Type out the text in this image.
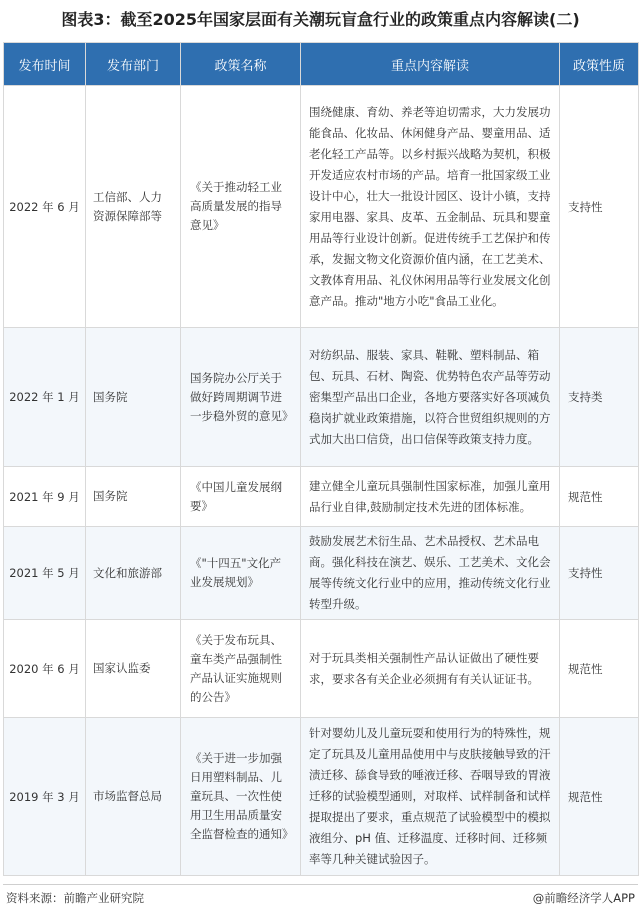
图表3：截至2025年国家层面有关潮玩盲盒行业的政策重点内容解读(二)
发布时间	发布部门	政策名称	重点内容解读	政策性质
2022 年 6 月	工信部、人力资源保障部等	《关于推动轻工业高质量发展的指导意见》	围绕健康、育幼、养老等迫切需求，大力发展功能食品、化妆品、休闲健身产品、婴童用品、适老化轻工产品等。以乡村振兴战略为契机，积极开发适应农村市场的产品。培育一批国家级工业设计中心，壮大一批设计园区、设计小镇，支持家用电器、家具、皮革、五金制品、玩具和婴童用品等行业设计创新。促进传统手工艺保护和传承，发掘文物文化资源价值内涵，在工艺美术、文教体育用品、礼仪休闲用品等行业发展文化创意产品。推动"地方小吃"食品工业化。	支持性
2022 年 1 月	国务院	国务院办公厅关于做好跨周期调节进一步稳外贸的意见》	对纺织品、服装、家具、鞋靴、塑料制品、箱包、玩具、石材、陶瓷、优势特色农产品等劳动密集型产品出口企业，各地方要落实好各项减负稳岗扩就业政策措施，以符合世贸组织规则的方式加大出口信贷，出口信保等政策支持力度。	支持类
2021 年 9 月	国务院	《中国儿童发展纲要》	建立健全儿童玩具强制性国家标准，加强儿童用品行业自律,鼓励制定技术先进的团体标准。	规范性
2021 年 5 月	文化和旅游部	《"十四五"文化产业发展规划》	鼓励发展艺术衍生品、艺术品授权、艺术品电商。强化科技在演艺、娱乐、工艺美术、文化会展等传统文化行业中的应用，推动传统文化行业转型升级。	支持性
2020 年 6 月	国家认监委	《关于发布玩具、童车类产品强制性产品认证实施规则的公告》	对于玩具类相关强制性产品认证做出了硬性要求，要求各有关企业必须拥有有关认证证书。	规范性
2019 年 3 月	市场监督总局	《关于进一步加强日用塑料制品、儿童玩具、一次性使用卫生用品质量安全监督检查的通知》	针对婴幼儿及儿童玩耍和使用行为的特殊性，规定了玩具及儿童用品使用中与皮肤接触导致的汗渍迁移、舔食导致的唾液迁移、吞咽导致的胃液迁移的试验模型通则，对取样、试样制备和试样提取提出了要求，重点规范了试验模型中的模拟液组分、pH 值、迁移温度、迁移时间、迁移频率等几种关键试验因子。	规范性
资料来源：前瞻产业研究院	@前瞻经济学人APP
